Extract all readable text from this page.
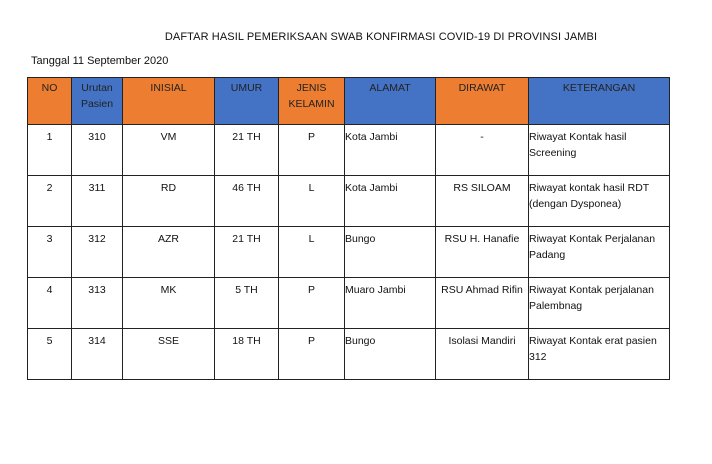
DAFTAR HASIL PEMERIKSAAN SWAB KONFIRMASI COVID-19 DI PROVINSI JAMBI
Tanggal 11 September 2020
NO	Urutan Pasien	INISIAL	UMUR	JENIS KELAMIN	ALAMAT	DIRAWAT	KETERANGAN
1	310	VM	21 TH	P	Kota Jambi	-	Riwayat Kontak hasil Screening
2	311	RD	46 TH	L	Kota Jambi	RS SILOAM	Riwayat kontak hasil RDT (dengan Dysponea)
3	312	AZR	21 TH	L	Bungo	RSU H. Hanafie	Riwayat Kontak Perjalanan Padang
4	313	MK	5 TH	P	Muaro Jambi	RSU Ahmad Rifin	Riwayat Kontak perjalanan Palembnag
5	314	SSE	18 TH	P	Bungo	Isolasi Mandiri	Riwayat Kontak erat pasien 312
